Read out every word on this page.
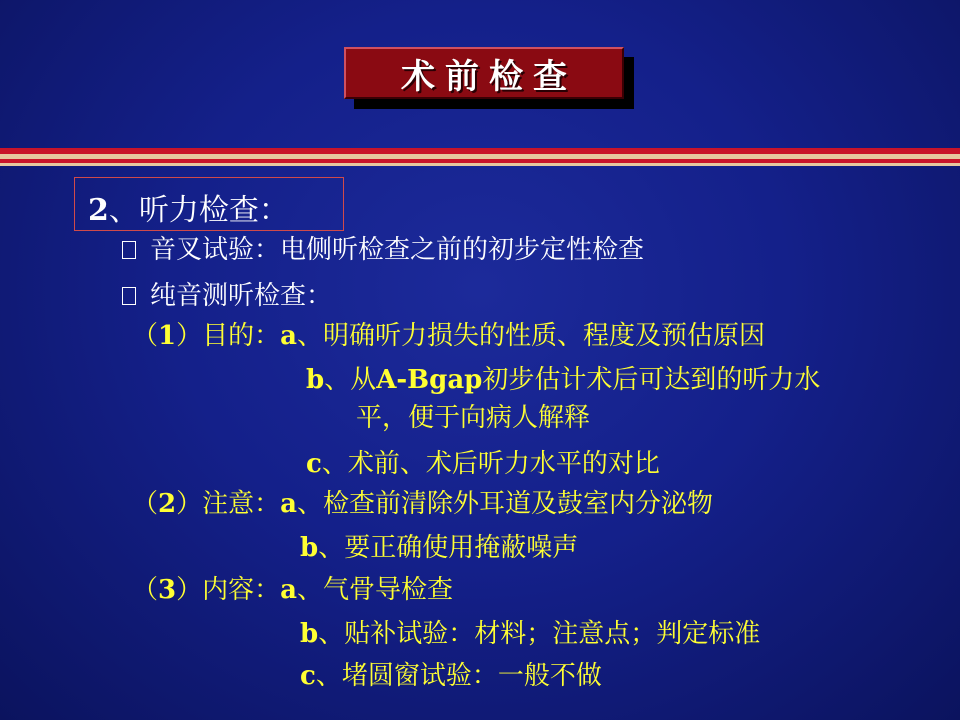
术前检查
2、听力检查：
音叉试验：电侧听检查之前的初步定性检查
纯音测听检查：
（1）目的：a、明确听力损失的性质、程度及预估原因
b、从A-Bgap初步估计术后可达到的听力水
平，便于向病人解释
c、术前、术后听力水平的对比
（2）注意：a、检查前清除外耳道及鼓室内分泌物
b、要正确使用掩蔽噪声
（3）内容：a、气骨导检查
b、贴补试验：材料；注意点；判定标准
c、堵圆窗试验：一般不做
